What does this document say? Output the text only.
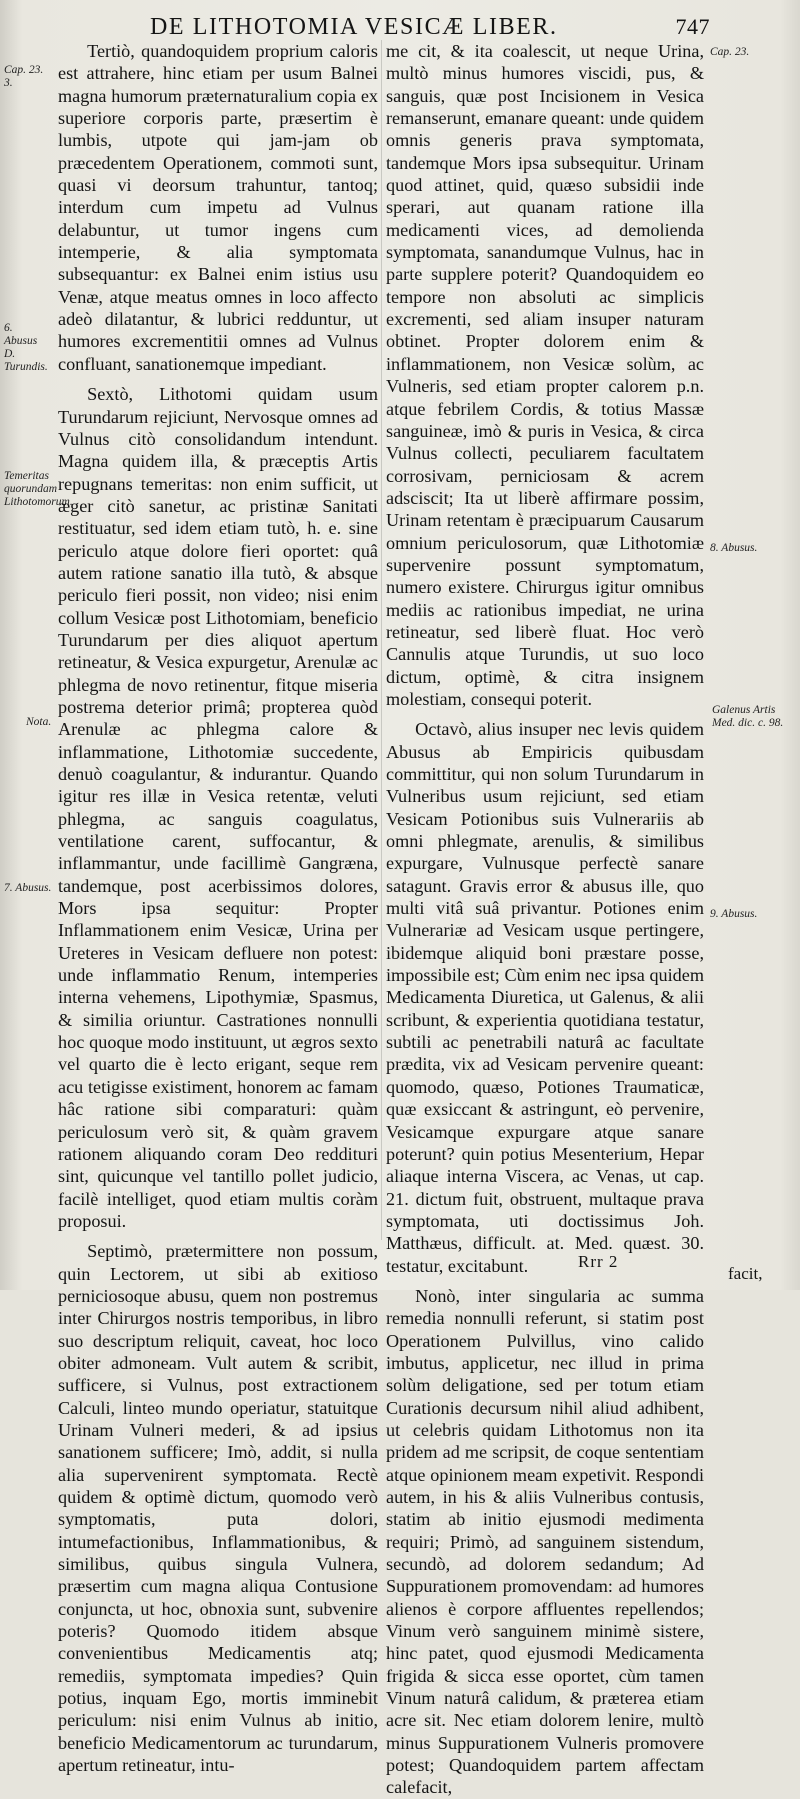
DE LITHOTOMIA VESICÆ LIBER.	747
Cap. 23. 3.
6. Abusus D. Turundis.
Temeritas quorundam Lithotomorum.
Nota.
7. Abusus.
Cap. 23.
8. Abusus.
Galenus Artis Med. dic. c. 98.
9. Abusus.

Tertiò, quandoquidem proprium caloris est attrahere, hinc etiam per usum Balnei magna humorum præternaturalium copia ex superiore corporis parte, præsertim è lumbis, utpote qui jam-jam ob præcedentem Operationem, commoti sunt, quasi vi deorsum trahuntur, tantoq; interdum cum impetu ad Vulnus delabuntur, ut tumor ingens cum intemperie, & alia symptomata subsequantur: ex Balnei enim istius usu Venæ, atque meatus omnes in loco affecto adeò dilatantur, & lubrici redduntur, ut humores excrementitii omnes ad Vulnus confluant, sanationemque impediant.

Sextò, Lithotomi quidam usum Turundarum rejiciunt, Nervosque omnes ad Vulnus citò consolidandum intendunt. Magna quidem illa, & præceptis Artis repugnans temeritas: non enim sufficit, ut æger citò sanetur, ac pristinæ Sanitati restituatur, sed idem etiam tutò, h. e. sine periculo atque dolore fieri oportet: quâ autem ratione sanatio illa tutò, & absque periculo fieri possit, non video; nisi enim collum Vesicæ post Lithotomiam, beneficio Turundarum per dies aliquot apertum retineatur, & Vesica expurgetur, Arenulæ ac phlegma de novo retinentur, fitque miseria postrema deterior primâ; propterea quòd Arenulæ ac phlegma calore & inflammatione, Lithotomiæ succedente, denuò coagulantur, & indurantur. Quando igitur res illæ in Vesica retentæ, veluti phlegma, ac sanguis coagulatus, ventilatione carent, suffocantur, & inflammantur, unde facillimè Gangræna, tandemque, post acerbissimos dolores, Mors ipsa sequitur: Propter Inflammationem enim Vesicæ, Urina per Ureteres in Vesicam defluere non potest: unde inflammatio Renum, intemperies interna vehemens, Lipothymiæ, Spasmus, & similia oriuntur. Castrationes nonnulli hoc quoque modo instituunt, ut ægros sexto vel quarto die è lecto erigant, seque rem acu tetigisse existiment, honorem ac famam hâc ratione sibi comparaturi: quàm periculosum verò sit, & quàm gravem rationem aliquando coram Deo reddituri sint, quicunque vel tantillo pollet judicio, facilè intelliget, quod etiam multis coràm proposui.

Septimò, prætermittere non possum, quin Lectorem, ut sibi ab exitioso perniciosoque abusu, quem non postremus inter Chirurgos nostris temporibus, in libro suo descriptum reliquit, caveat, hoc loco obiter admoneam. Vult autem & scribit, sufficere, si Vulnus, post extractionem Calculi, linteo mundo operiatur, statuitque Urinam Vulneri mederi, & ad ipsius sanationem sufficere; Imò, addit, si nulla alia supervenirent symptomata. Rectè quidem & optimè dictum, quomodo verò symptomatis, puta dolori, intumefactionibus, Inflammationibus, & similibus, quibus singula Vulnera, præsertim cum magna aliqua Contusione conjuncta, ut hoc, obnoxia sunt, subvenire poteris? Quomodo itidem absque convenientibus Medicamentis atq; remediis, symptomata impedies? Quin potius, inquam Ego, mortis imminebit periculum: nisi enim Vulnus ab initio, beneficio Medicamentorum ac turundarum, apertum retineatur, intu-

me cit, & ita coalescit, ut neque Urina, multò minus humores viscidi, pus, & sanguis, quæ post Incisionem in Vesica remanserunt, emanare queant: unde quidem omnis generis prava symptomata, tandemque Mors ipsa subsequitur. Urinam quod attinet, quid, quæso subsidii inde sperari, aut quanam ratione illa medicamenti vices, ad demolienda symptomata, sanandumque Vulnus, hac in parte supplere poterit? Quandoquidem eo tempore non absoluti ac simplicis excrementi, sed aliam insuper naturam obtinet. Propter dolorem enim & inflammationem, non Vesicæ solùm, ac Vulneris, sed etiam propter calorem p.n. atque febrilem Cordis, & totius Massæ sanguineæ, imò & puris in Vesica, & circa Vulnus collecti, peculiarem facultatem corrosivam, perniciosam & acrem adsciscit; Ita ut liberè affirmare possim, Urinam retentam è præcipuarum Causarum omnium periculosorum, quæ Lithotomiæ supervenire possunt symptomatum, numero existere. Chirurgus igitur omnibus mediis ac rationibus impediat, ne urina retineatur, sed liberè fluat. Hoc verò Cannulis atque Turundis, ut suo loco dictum, optimè, & citra insignem molestiam, consequi poterit.

Octavò, alius insuper nec levis quidem Abusus ab Empiricis quibusdam committitur, qui non solum Turundarum in Vulneribus usum rejiciunt, sed etiam Vesicam Potionibus suis Vulnerariis ab omni phlegmate, arenulis, & similibus expurgare, Vulnusque perfectè sanare satagunt. Gravis error & abusus ille, quo multi vitâ suâ privantur. Potiones enim Vulnerariæ ad Vesicam usque pertingere, ibidemque aliquid boni præstare posse, impossibile est; Cùm enim nec ipsa quidem Medicamenta Diuretica, ut Galenus, & alii scribunt, & experientia quotidiana testatur, subtili ac penetrabili naturâ ac facultate prædita, vix ad Vesicam pervenire queant: quomodo, quæso, Potiones Traumaticæ, quæ exsiccant & astringunt, eò pervenire, Vesicamque expurgare atque sanare poterunt? quin potius Mesenterium, Hepar aliaque interna Viscera, ac Venas, ut cap. 21. dictum fuit, obstruent, multaque prava symptomata, uti doctissimus Joh. Matthæus, difficult. at. Med. quæst. 30. testatur, excitabunt.

Nonò, inter singularia ac summa remedia nonnulli referunt, si statim post Operationem Pulvillus, vino calido imbutus, applicetur, nec illud in prima solùm deligatione, sed per totum etiam Curationis decursum nihil aliud adhibent, ut celebris quidam Lithotomus non ita pridem ad me scripsit, de coque sententiam atque opinionem meam expetivit. Respondi autem, in his & aliis Vulneribus contusis, statim ab initio ejusmodi medimenta requiri; Primò, ad sanguinem sistendum, secundò, ad dolorem sedandum; Ad Suppurationem promovendam: ad humores alienos è corpore affluentes repellendos; Vinum verò sanguinem minimè sistere, hinc patet, quod ejusmodi Medicamenta frigida & sicca esse oportet, cùm tamen Vinum naturâ calidum, & præterea etiam acre sit. Nec etiam dolorem lenire, multò minus Suppurationem Vulneris promovere potest; Quandoquidem partem affectam calefacit,

Rrr 2
facit,
